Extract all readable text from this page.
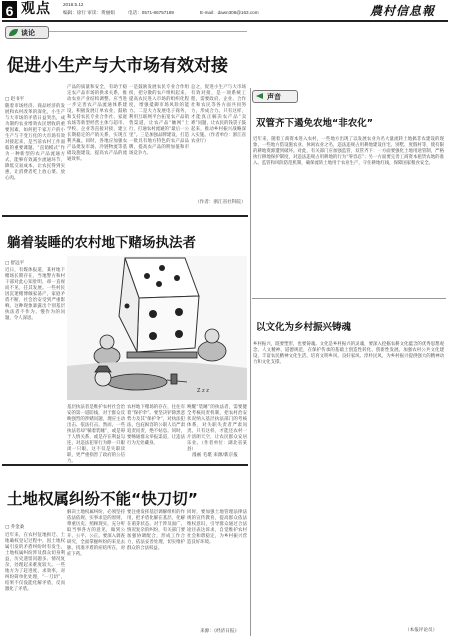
6 观点	2018.5.12
编辑：徐行 审读：黄丽娟	电话：0571-86757189	E-mail：dawn306@163.com	農村信息報
谈论
促进小生产与大市场有效对接
□ 赵书平
随着市场经济、商品经济的发展和农村改革的深化，小生产与大市场的矛盾日益突出，成为制约农业增效农民增收的重要因素，如何把千家万户的小生产与千变万化的大市场有效对接起来，是当前农村工作面临的重要课题。“直销模式”作为一种新型的农产品流通方式，能够有效减少流通环节，降低交易成本，让农民得到实惠，让消费者吃上放心菜、放心肉。
产品的质量和安全，有助于稳定农产品市场的供求关系，推动农业产业结构调整。应当进一步完善农产品流通体系建设，积极发展订单农业，鼓励和支持农民专业合作社、家庭农场等新型经营主体与超市、学校、企业等直接对接，建立长期稳定的产销关系，实现互利共赢。同时，各地应加强农产品批发市场、冷链物流等基础设施建设，提高农产品的流通效率。
一是鼓励发展农民专业合作组织，把分散的农户组织起来，提高农民进入市场的组织化程度，增强抵御市场风险的能力。二是大力发展电子商务，利用互联网平台拓宽农产品销售渠道，让农产品“触网”上行，打通农村流通的“最后一公里”。三是加强品牌建设，打造一批具有地方特色的农产品品牌，提高农产品的附加值和市场竞争力。
总之，促进小生产与大市场有效对接，是一项系统工程，需要政府、企业、合作社和农民等各方面共同努力，形成合力。只有这样，才能真正解决农产品“卖难”问题，让农民的钱袋子鼓起来，推动乡村振兴战略深入实施。（作者单位：浙江省农业厅）
（作者：浙江省社科院）
声音
双管齐下遏免农地“非农化”
近年来，随着工商资本进入农村，一些地方出现了以发展农业为名大量流转土地搞非农建设的现象，一些地方借设施农业、休闲农业之名，违法违规占用耕地建设住宅、别墅、度假村等，使有限的耕地资源遭到破坏。对此，有关部门应加强监管，双管齐下：一方面要强化土地用途管制，严格执行耕地保护制度，对违法违规占用耕地的行为“零容忍”；另一方面要完善工商资本租赁农地的准入、监管和风险防范机制，确保流转土地用于农业生产，守住耕地红线，保障国家粮食安全。
以文化为乡村振兴铸魂
乡村振兴，既要塑形，也要铸魂。文化是乡村振兴的灵魂，要深入挖掘农耕文化蕴含的优秀思想观念、人文精神、道德规范，在保护传承的基础上创造性转化、创新性发展。加强农村公共文化建设，丰富农民精神文化生活，培育文明乡风、良好家风、淳朴民风，为乡村振兴提供强大的精神动力和文化支撑。
（本报评论员）
躺着装睡的农村地下赌场执法者
□ 舒远平
近日，有媒体报道，某村地下赌场长期存在，当地警方和村干部对此心知肚明，却一直视而不见，任其发展。一些村民因沉迷赌博倾家荡产，家庭矛盾不断，社会治安受到严重影响。这种现象暴露出个别基层执法者不作为、慢作为的问题，令人深思。
基层执法者是维护农村社会治安的第一道防线，对于群众反映强烈的涉赌问题，理应主动出击、依法打击。然而，一些执法者却“躺着装睡”，或是碍于人情关系，或是存在利益勾连，对违法犯罪行为睁一只眼闭一只眼。这不仅是失职渎职，更严重损害了政府的公信力。
农村地下赌场的存在，往往有着“保护伞”。要坚决铲除黑恶势力及其“保护伞”，对执法犯法、包庇纵容的公职人员严肃追责问责，绝不姑息。同时，要畅通群众举报渠道，让违法行为无处藏身。
唤醒“装睡”的执法者，需要健全考核问责机制，把农村治安状况纳入基层执法部门的考核体系，对失职失责者严肃问责。只有这样，才能还农村一片清朗天空，让农民群众安居乐业。（作者单位：湖北省某县）
漫画 毛堪 来源/新京报
Z z z
土地权属纠纷不能“快刀切”
□ 乔金桑
近年来，在农村征地拆迁、土地确权登记过程中，因土地权属引发的矛盾纠纷时有发生。土地权属纠纷涉及群众切身利益，历史遗留问题多、情况复杂，处理起来难度较大。一些地方为了赶进度、求效率，对纠纷简单化处理，“一刀切”，结果不仅没能化解矛盾，反而激化了矛盾。
解决土地权属纠纷，必须坚持依法依规、实事求是的原则，尊重历史、照顾现实，充分听取当事各方的意见，做到公开、公平、公正。要深入调查研究，全面掌握纠纷的来龙去脉，找准矛盾的症结所在，对症下药。
要注重发挥基层调解组织的作用，把矛盾化解在基层、化解在萌芽状态。对于涉及面广、情况复杂的纠纷，有关部门要加强协调配合，形成工作合力，依法妥善处理，切实维护群众的合法权益。
同时，要加强土地管理法律法规的宣传教育，提高群众依法维权意识，引导群众通过合法途径表达诉求，自觉维护农村社会和谐稳定，为乡村振兴营造良好环境。
来源：《经济日报》
